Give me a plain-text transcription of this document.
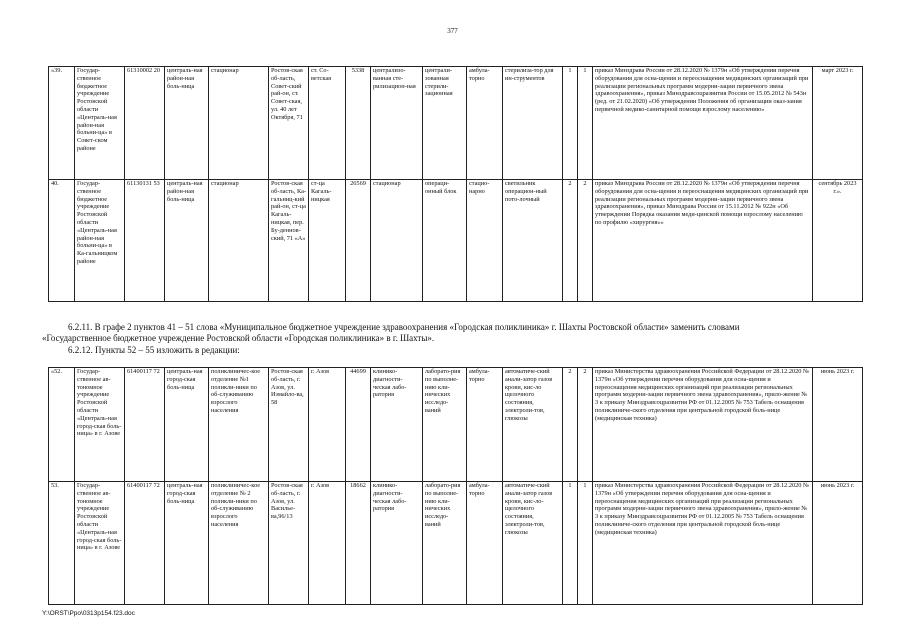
377
«39.	Государ-ственное бюджетное учреждение Ростовской области «Централь-ная район-ная больни-ца» в Совет-ском районе	61310002 20	централь-ная район-ная боль-ница	стационар	Ростов-ская об-ласть, Совет-ский рай-он, ст. Совет-ская, ул. 40 лет Октября, 71	ст. Со-ветская	5338	централизо-ванная сте-рилизацион-ная	централи-зованная стерили-зационная	амбула-торно	стерилиза-тор для ин-струментов	1	1	приказ Минздрава России от 28.12.2020 № 1379н «Об утверждении перечня оборудования для осна-щения и переоснащения медицинских организаций при реализации региональных программ модерни-зации первичного звена здравоохранения», приказ Минздравсоцразвития России от 15.05.2012 № 543н (ред. от 21.02.2020) «Об утверждении Положения об организации оказ-зания первичной медико-санитарной помощи взрослому населению»	март 2023 г.
40.	Государ-ственное бюджетное учреждение Ростовской области «Централь-ная район-ная больни-ца» в Ка-гальницком районе	61130131 53	централь-ная район-ная боль-ница	стационар	Ростов-ская об-ласть, Ка-гальниц-кий рай-он, ст-ца Кагаль-ницкая, пер. Бу-деннов-ский, 71 «А»	ст-ца Кагаль-ницкая	26569	стационар	операци-онный блок	стацио-нарно	светильник операцион-ный пото-лочный	2	2	приказ Минздрава России от 28.12.2020 № 1379н «Об утверждении перечня оборудования для осна-щения и переоснащения медицинских организаций при реализации региональных программ модерни-зации первичного звена здравоохранения», приказ Минздрава России от 15.11.2012 № 922н «Об утверждении Порядка оказания меди-цинской помощи взрослому населению по профилю «хирургия»»	сентябрь 2023 г.».
6.2.11. В графе 2 пунктов 41 – 51 слова «Муниципальное бюджетное учреждение здравоохранения «Городская поликлиника» г. Шахты Ростовской области» заменить словами
«Государственное бюджетное учреждение Ростовской области «Городская поликлиника» в г. Шахты».
6.2.12. Пункты 52 – 55 изложить в редакции:
«52.	Государ-ственное ав-тономное учреждение Ростовской области «Централь-ная город-ская боль-ница» в г. Азове	61400117 72	централь-ная город-ская боль-ница	поликлиничес-кое отделение №1 поликли-ники по об-служиванию взрослого населения	Ростов-ская об-ласть, г. Азов, ул. Измайло-ва, 58	г. Азов	44699	клинико-диагности-ческая лабо-ратория	лаборато-рия по выполне-нию кли-нических исследо-ваний	амбула-торно	автоматиче-ский анали-затор газов крови, кис-ло щелочного состояния, электроли-тов, глюкозы	2	2	приказ Министерства здравоохранения Российской Федерации от 28.12.2020 № 1379н «Об утверждении перечня оборудования для осна-щения и переоснащения медицинских организаций при реализации региональных программ модерни-зации первичного звена здравоохранения», прило-жение № 3 к приказу Минздравсоцразвития РФ от 01.12.2005 № 753 Табель оснащения поликлиниче-ского отделения при центральной городской боль-нице (медицинская техника)	июнь 2023 г.
53.	Государ-ственное ав-тономное учреждение Ростовской области «Централь-ная город-ская боль-ница» в г. Азове	61400117 72	централь-ная город-ская боль-ница	поликлиничес-кое отделение № 2 поликли-ники по об-служиванию взрослого населения	Ростов-ская об-ласть, г. Азов, ул. Василье-ва,96/13	г. Азов	18662	клинико-диагности-ческая лабо-ратория	лаборато-рия по выполне-нию кли-нических исследо-ваний	амбула-торно	автоматиче-ский анали-затор газов крови, кис-ло-щелочного состояния, электроли-тов, глюкозы	1	1	приказ Министерства здравоохранения Российской Федерации от 28.12.2020 № 1379н «Об утверждении перечня оборудования для осна-щения и переоснащения медицинских организаций при реализации региональных программ модерни-зации первичного звена здравоохранения», прило-жение № 3 к приказу Минздравсоцразвития РФ от 01.12.2005 № 753 Табель оснащения поликлиниче-ского отделения при центральной городской боль-нице (медицинская техника)	июнь 2023 г.
Y:\ORST\Ppo\0313p154.f23.doc
